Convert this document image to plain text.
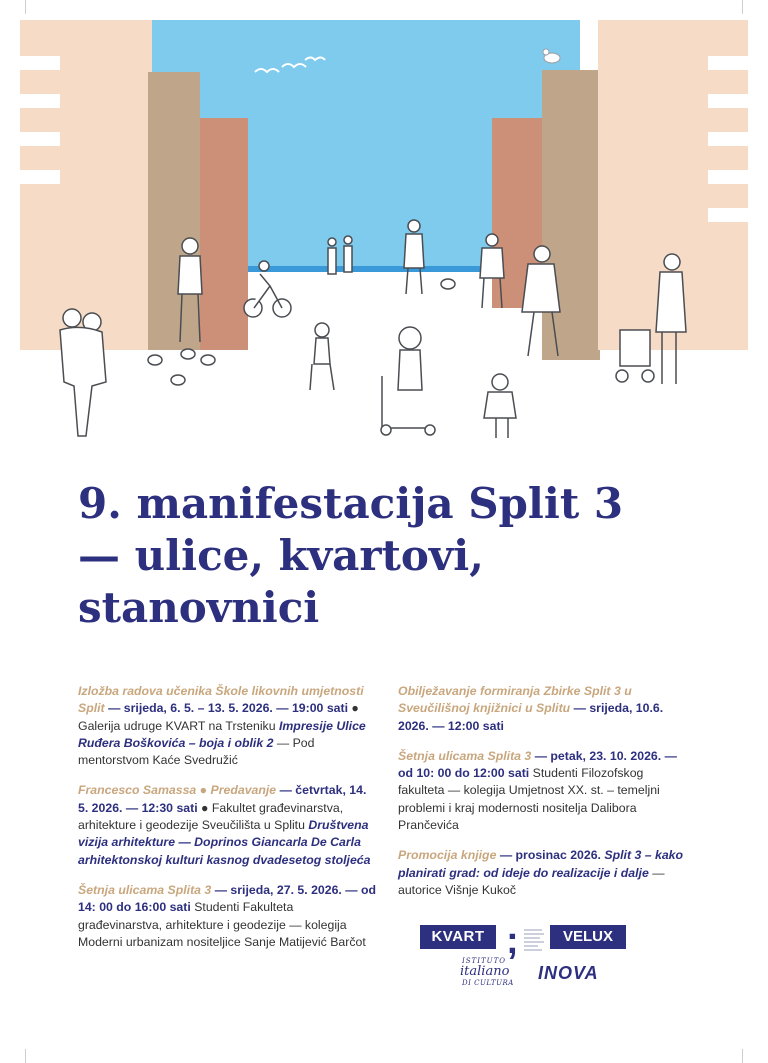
9. manifestacija Split 3
— ulice, kvartovi,
stanovnici
Izložba radova učenika Škole likovnih umjetnosti Split — srijeda, 6. 5. – 13. 5. 2026. — 19:00 sati ● Galerija udruge KVART na Trsteniku Impresije Ulice Ruđera Boškovića – boja i oblik 2 — Pod mentorstvom Kaće Svedružić
Francesco Samassa ● Predavanje — četvrtak, 14. 5. 2026. — 12:30 sati ● Fakultet građevinarstva, arhitekture i geodezije Sveučilišta u Splitu Društvena vizija arhitekture — Doprinos Giancarla De Carla arhitektonskoj kulturi kasnog dvadesetog stoljeća
Šetnja ulicama Splita 3 — srijeda, 27. 5. 2026. — od 14: 00 do 16:00 sati Studenti Fakulteta građevinarstva, arhitekture i geodezije — kolegija Moderni urbanizam nositeljice Sanje Matijević Barčot
Obilježavanje formiranja Zbirke Split 3 u Sveučilišnoj knjižnici u Splitu — srijeda, 10.6. 2026. — 12:00 sati
Šetnja ulicama Splita 3 — petak, 23. 10. 2026. — od 10: 00 do 12:00 sati Studenti Filozofskog fakulteta — kolegija Umjetnost XX. st. – temeljni problemi i kraj modernosti nositelja Dalibora Prančevića
Promocija knjige — prosinac 2026. Split 3 – kako planirati grad: od ideje do realizacije i dalje — autorice Višnje Kukoč
KVART ;	VELUX
ISTITUTO
italiano
DI CULTURA INOVA
